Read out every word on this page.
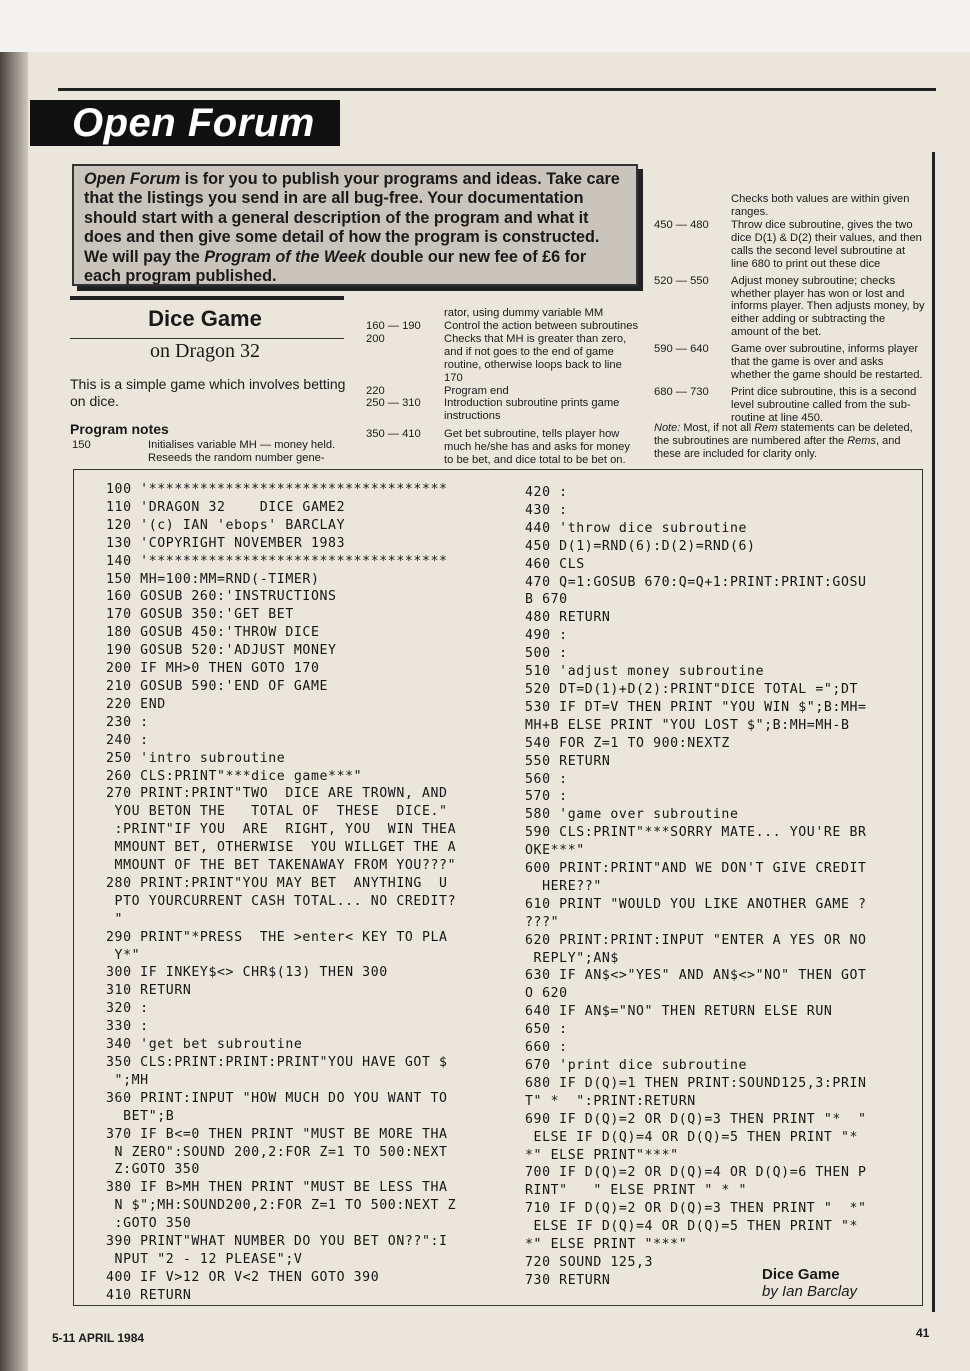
Open Forum
Open Forum is for you to publish your programs and ideas. Take care that the listings you send in are all bug-free. Your documentation should start with a general description of the program and what it does and then give some detail of how the program is constructed. We will pay the Program of the Week double our new fee of £6 for each program published.
Dice Game
on Dragon 32
This is a simple game which involves betting on dice.
Program notes
150	Initialises variable MH — money held. Reseeds the random number gene-
rator, using dummy variable MM
160 — 190	Control the action between subroutines
200	Checks that MH is greater than zero, and if not goes to the end of game routine, otherwise loops back to line 170
220	Program end
250 — 310	Introduction subroutine prints game instructions
350 — 410	Get bet subroutine, tells player how much he/she has and asks for money to be bet, and dice total to be bet on.
Checks both values are within given ranges.
450 — 480	Throw dice subroutine, gives the two dice D(1) & D(2) their values, and then calls the second level subroutine at line 680 to print out these dice
520 — 550	Adjust money subroutine; checks whether player has won or lost and informs player. Then adjusts money, by either adding or subtracting the amount of the bet.
590 — 640	Game over subroutine, informs player that the game is over and asks whether the game should be restarted.
680 — 730	Print dice subroutine, this is a second level subroutine called from the sub-routine at line 450.
Note: Most, if not all Rem statements can be deleted, the subroutines are numbered after the Rems, and these are included for clarity only.
100 '***********************************
110 'DRAGON 32    DICE GAME2
120 '(c) IAN 'ebops' BARCLAY
130 'COPYRIGHT NOVEMBER 1983
140 '***********************************
150 MH=100:MM=RND(-TIMER)
160 GOSUB 260:'INSTRUCTIONS
170 GOSUB 350:'GET BET
180 GOSUB 450:'THROW DICE
190 GOSUB 520:'ADJUST MONEY
200 IF MH>0 THEN GOTO 170
210 GOSUB 590:'END OF GAME
220 END
230 :
240 :
250 'intro subroutine
260 CLS:PRINT"***dice game***"
270 PRINT:PRINT"TWO  DICE ARE TROWN, AND
YOU BETON THE   TOTAL OF  THESE  DICE."
:PRINT"IF YOU  ARE  RIGHT, YOU  WIN THEA
MMOUNT BET, OTHERWISE  YOU WILLGET THE A
MMOUNT OF THE BET TAKENAWAY FROM YOU???"
280 PRINT:PRINT"YOU MAY BET  ANYTHING  U
PTO YOURCURRENT CASH TOTAL... NO CREDIT?
"
290 PRINT"*PRESS  THE >enter< KEY TO PLA
Y*"
300 IF INKEY$<> CHR$(13) THEN 300
310 RETURN
320 :
330 :
340 'get bet subroutine
350 CLS:PRINT:PRINT:PRINT"YOU HAVE GOT $
";MH
360 PRINT:INPUT "HOW MUCH DO YOU WANT TO
BET";B
370 IF B<=0 THEN PRINT "MUST BE MORE THA
N ZERO":SOUND 200,2:FOR Z=1 TO 500:NEXT
Z:GOTO 350
380 IF B>MH THEN PRINT "MUST BE LESS THA
N $";MH:SOUND200,2:FOR Z=1 TO 500:NEXT Z
:GOTO 350
390 PRINT"WHAT NUMBER DO YOU BET ON??":I
NPUT "2 - 12 PLEASE";V
400 IF V>12 OR V<2 THEN GOTO 390
410 RETURN
420 :
430 :
440 'throw dice subroutine
450 D(1)=RND(6):D(2)=RND(6)
460 CLS
470 Q=1:GOSUB 670:Q=Q+1:PRINT:PRINT:GOSU
B 670
480 RETURN
490 :
500 :
510 'adjust money subroutine
520 DT=D(1)+D(2):PRINT"DICE TOTAL =";DT
530 IF DT=V THEN PRINT "YOU WIN $";B:MH=
MH+B ELSE PRINT "YOU LOST $";B:MH=MH-B
540 FOR Z=1 TO 900:NEXTZ
550 RETURN
560 :
570 :
580 'game over subroutine
590 CLS:PRINT"***SORRY MATE... YOU'RE BR
OKE***"
600 PRINT:PRINT"AND WE DON'T GIVE CREDIT
HERE??"
610 PRINT "WOULD YOU LIKE ANOTHER GAME ?
???"
620 PRINT:PRINT:INPUT "ENTER A YES OR NO
REPLY";AN$
630 IF AN$<>"YES" AND AN$<>"NO" THEN GOT
O 620
640 IF AN$="NO" THEN RETURN ELSE RUN
650 :
660 :
670 'print dice subroutine
680 IF D(Q)=1 THEN PRINT:SOUND125,3:PRIN
T" *  ":PRINT:RETURN
690 IF D(Q)=2 OR D(Q)=3 THEN PRINT "*  "
ELSE IF D(Q)=4 OR D(Q)=5 THEN PRINT "*
*" ELSE PRINT"***"
700 IF D(Q)=2 OR D(Q)=4 OR D(Q)=6 THEN P
RINT"   " ELSE PRINT " * "
710 IF D(Q)=2 OR D(Q)=3 THEN PRINT "  *"
ELSE IF D(Q)=4 OR D(Q)=5 THEN PRINT "*
*" ELSE PRINT "***"
720 SOUND 125,3
730 RETURN	Dice Game
by Ian Barclay
5-11 APRIL 1984	41
